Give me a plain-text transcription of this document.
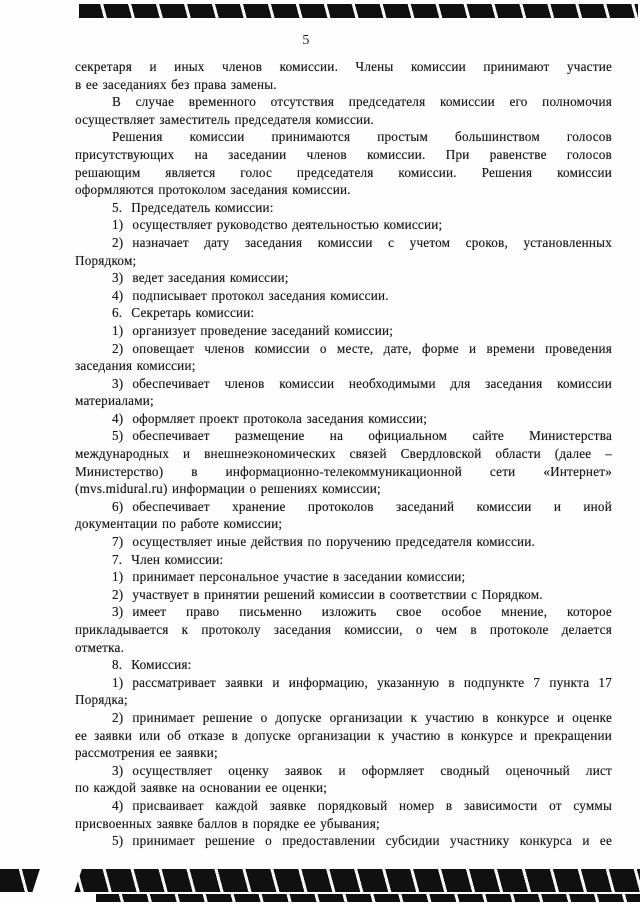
5
секретаря и иных членов комиссии. Члены комиссии принимают участие
в ее заседаниях без права замены.
В случае временного отсутствия председателя комиссии его полномочия
осуществляет заместитель председателя комиссии.
Решения комиссии принимаются простым большинством голосов
присутствующих на заседании членов комиссии. При равенстве голосов
решающим является голос председателя комиссии. Решения комиссии
оформляются протоколом заседания комиссии.
5. Председатель комиссии:
1) осуществляет руководство деятельностью комиссии;
2) назначает дату заседания комиссии с учетом сроков, установленных
Порядком;
3) ведет заседания комиссии;
4) подписывает протокол заседания комиссии.
6. Секретарь комиссии:
1) организует проведение заседаний комиссии;
2) оповещает членов комиссии о месте, дате, форме и времени проведения
заседания комиссии;
3) обеспечивает членов комиссии необходимыми для заседания комиссии
материалами;
4) оформляет проект протокола заседания комиссии;
5) обеспечивает размещение на официальном сайте Министерства
международных и внешнеэкономических связей Свердловской области (далее –
Министерство) в информационно-телекоммуникационной сети «Интернет»
(mvs.midural.ru) информации о решениях комиссии;
6) обеспечивает хранение протоколов заседаний комиссии и иной
документации по работе комиссии;
7) осуществляет иные действия по поручению председателя комиссии.
7. Член комиссии:
1) принимает персональное участие в заседании комиссии;
2) участвует в принятии решений комиссии в соответствии с Порядком.
3) имеет право письменно изложить свое особое мнение, которое
прикладывается к протоколу заседания комиссии, о чем в протоколе делается
отметка.
8. Комиссия:
1) рассматривает заявки и информацию, указанную в подпункте 7 пункта 17
Порядка;
2) принимает решение о допуске организации к участию в конкурсе и оценке
ее заявки или об отказе в допуске организации к участию в конкурсе и прекращении
рассмотрения ее заявки;
3) осуществляет оценку заявок и оформляет сводный оценочный лист
по каждой заявке на основании ее оценки;
4) присваивает каждой заявке порядковый номер в зависимости от суммы
присвоенных заявке баллов в порядке ее убывания;
5) принимает решение о предоставлении субсидии участнику конкурса и ее
